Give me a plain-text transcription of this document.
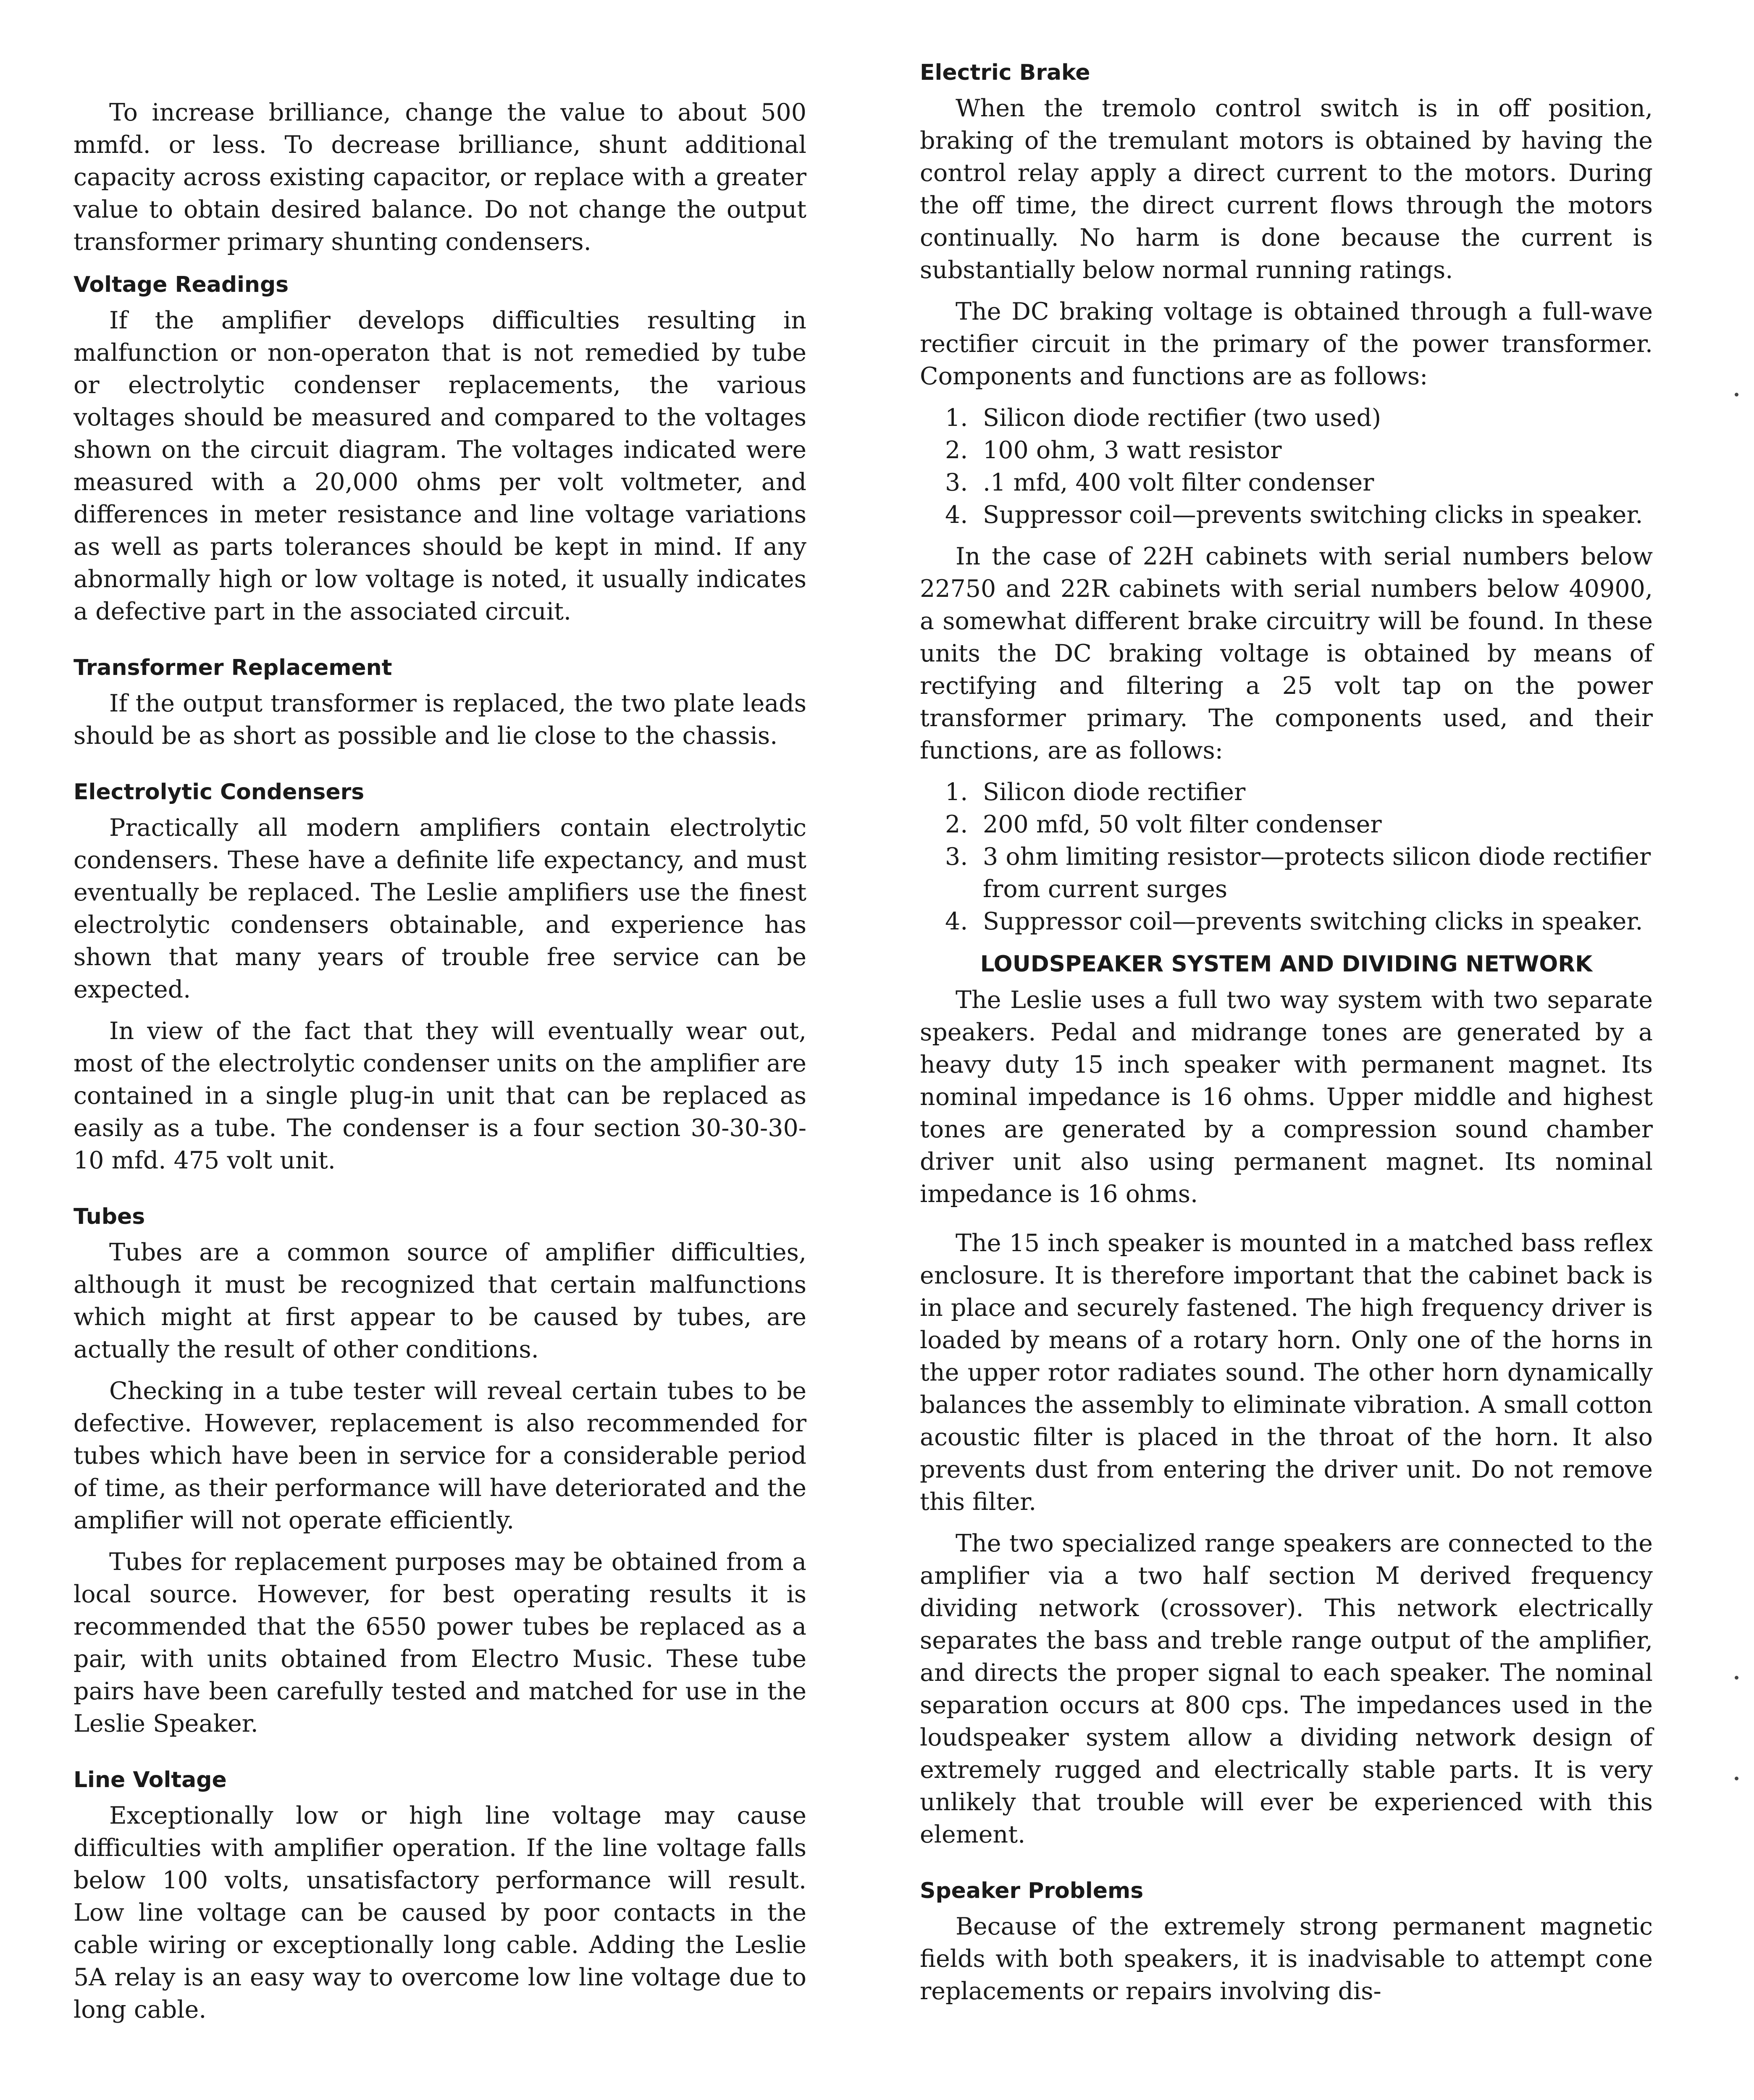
To increase brilliance, change the value to about 500 mmfd. or less. To decrease brilliance, shunt additional capacity across existing capacitor, or replace with a greater value to obtain desired balance. Do not change the output transformer primary shunting condensers.

Voltage Readings

If the amplifier develops difficulties resulting in malfunction or non-operaton that is not remedied by tube or electrolytic condenser replacements, the various voltages should be measured and compared to the voltages shown on the circuit diagram. The voltages indicated were measured with a 20,000 ohms per volt voltmeter, and differences in meter resistance and line voltage variations as well as parts tolerances should be kept in mind. If any abnormally high or low voltage is noted, it usually indicates a defective part in the associated circuit.

Transformer Replacement

If the output transformer is replaced, the two plate leads should be as short as possible and lie close to the chassis.

Electrolytic Condensers

Practically all modern amplifiers contain electrolytic condensers. These have a definite life expectancy, and must eventually be replaced. The Leslie amplifiers use the finest electrolytic condensers obtainable, and experience has shown that many years of trouble free service can be expected.

In view of the fact that they will eventually wear out, most of the electrolytic condenser units on the amplifier are contained in a single plug-in unit that can be replaced as easily as a tube. The condenser is a four section 30-30-30-10 mfd. 475 volt unit.

Tubes

Tubes are a common source of amplifier difficulties, although it must be recognized that certain malfunctions which might at first appear to be caused by tubes, are actually the result of other conditions.

Checking in a tube tester will reveal certain tubes to be defective. However, replacement is also recommended for tubes which have been in service for a considerable period of time, as their performance will have deteriorated and the amplifier will not operate efficiently.

Tubes for replacement purposes may be obtained from a local source. However, for best operating results it is recommended that the 6550 power tubes be replaced as a pair, with units obtained from Electro Music. These tube pairs have been carefully tested and matched for use in the Leslie Speaker.

Line Voltage

Exceptionally low or high line voltage may cause difficulties with amplifier operation. If the line voltage falls below 100 volts, unsatisfactory performance will result. Low line voltage can be caused by poor contacts in the cable wiring or exceptionally long cable. Adding the Leslie 5A relay is an easy way to overcome low line voltage due to long cable.

Electric Brake

When the tremolo control switch is in off position, braking of the tremulant motors is obtained by having the control relay apply a direct current to the motors. During the off time, the direct current flows through the motors continually. No harm is done because the current is substantially below normal running ratings.

The DC braking voltage is obtained through a full-wave rectifier circuit in the primary of the power transformer. Components and functions are as follows:

1. Silicon diode rectifier (two used)
2. 100 ohm, 3 watt resistor
3. .1 mfd, 400 volt filter condenser
4. Suppressor coil—prevents switching clicks in speaker.

In the case of 22H cabinets with serial numbers below 22750 and 22R cabinets with serial numbers below 40900, a somewhat different brake circuitry will be found. In these units the DC braking voltage is obtained by means of rectifying and filtering a 25 volt tap on the power transformer primary. The components used, and their functions, are as follows:

1. Silicon diode rectifier
2. 200 mfd, 50 volt filter condenser
3. 3 ohm limiting resistor—protects silicon diode rectifier from current surges
4. Suppressor coil—prevents switching clicks in speaker.
LOUDSPEAKER SYSTEM AND DIVIDING NETWORK

The Leslie uses a full two way system with two separate speakers. Pedal and midrange tones are generated by a heavy duty 15 inch speaker with permanent magnet. Its nominal impedance is 16 ohms. Upper middle and highest tones are generated by a compression sound chamber driver unit also using permanent magnet. Its nominal impedance is 16 ohms.

The 15 inch speaker is mounted in a matched bass reflex enclosure. It is therefore important that the cabinet back is in place and securely fastened. The high frequency driver is loaded by means of a rotary horn. Only one of the horns in the upper rotor radiates sound. The other horn dynamically balances the assembly to eliminate vibration. A small cotton acoustic filter is placed in the throat of the horn. It also prevents dust from entering the driver unit. Do not remove this filter.

The two specialized range speakers are connected to the amplifier via a two half section M derived frequency dividing network (crossover). This network electrically separates the bass and treble range output of the amplifier, and directs the proper signal to each speaker. The nominal separation occurs at 800 cps. The impedances used in the loudspeaker system allow a dividing network design of extremely rugged and electrically stable parts. It is very unlikely that trouble will ever be experienced with this element.

Speaker Problems

Because of the extremely strong permanent magnetic fields with both speakers, it is inadvisable to attempt cone replacements or repairs involving dis-
